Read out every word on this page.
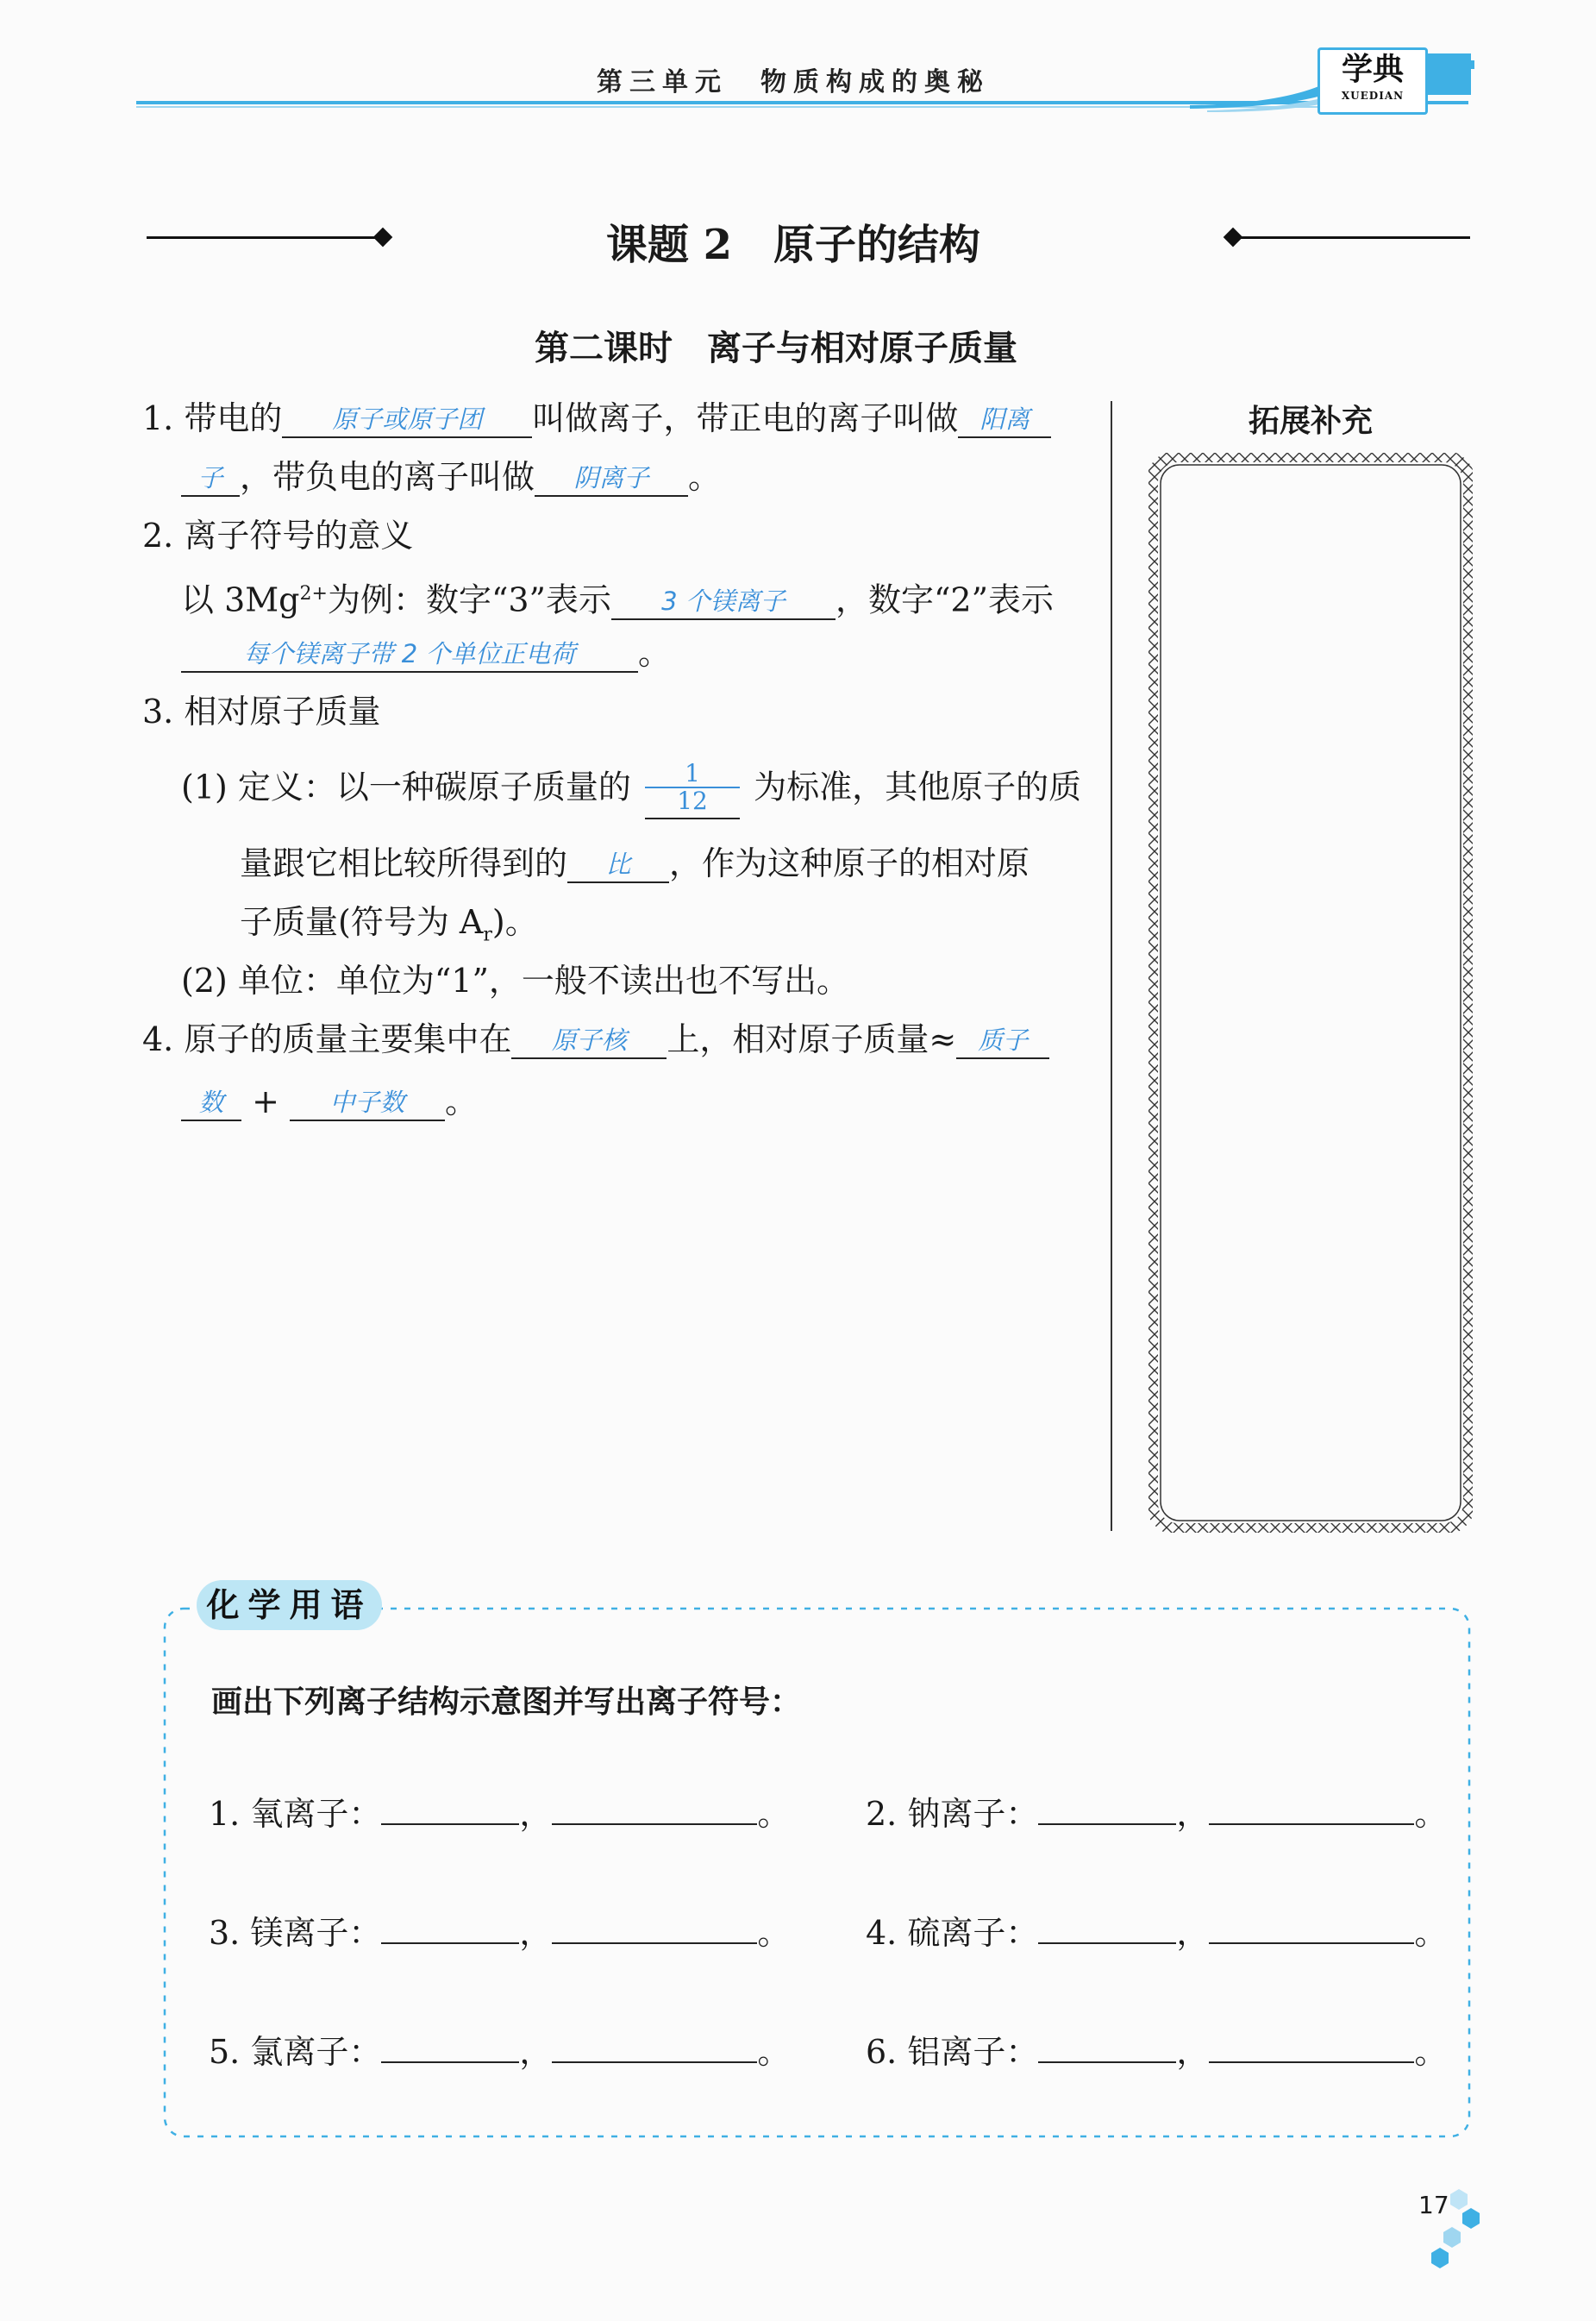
第三单元　物质构成的奥秘	学典
XUEDIAN
课题 2　原子的结构
第二课时　离子与相对原子质量
1. 带电的 原子或原子团 叫做离子，带正电的离子叫做 阳离
子 ，带负电的离子叫做 阴离子 。
2. 离子符号的意义
以 $3Mg^{2+}$为例：数字“3”表示 3 个镁离子 ，数字“2”表示
每个镁离子带 2 个单位正电荷 。
3. 相对原子质量
(1) 定义：以一种碳原子质量的 $\frac{1}{12}$ 为标准，其他原子的质
量跟它相比较所得到的 比 ，作为这种原子的相对原
子质量(符号为 $A_r$)。
(2) 单位：单位为“1”，一般不读出也不写出。
4. 原子的质量主要集中在 原子核 上，相对原子质量≈ 质子
数 + 中子数 。
拓展补充
化学用语
画出下列离子结构示意图并写出离子符号：
1. 氧离子：	，	。 2. 钠离子：	，	。
3. 镁离子：	，	。 4. 硫离子：	，	。
5. 氯离子：	，	。 6. 铝离子：	，	。
17
